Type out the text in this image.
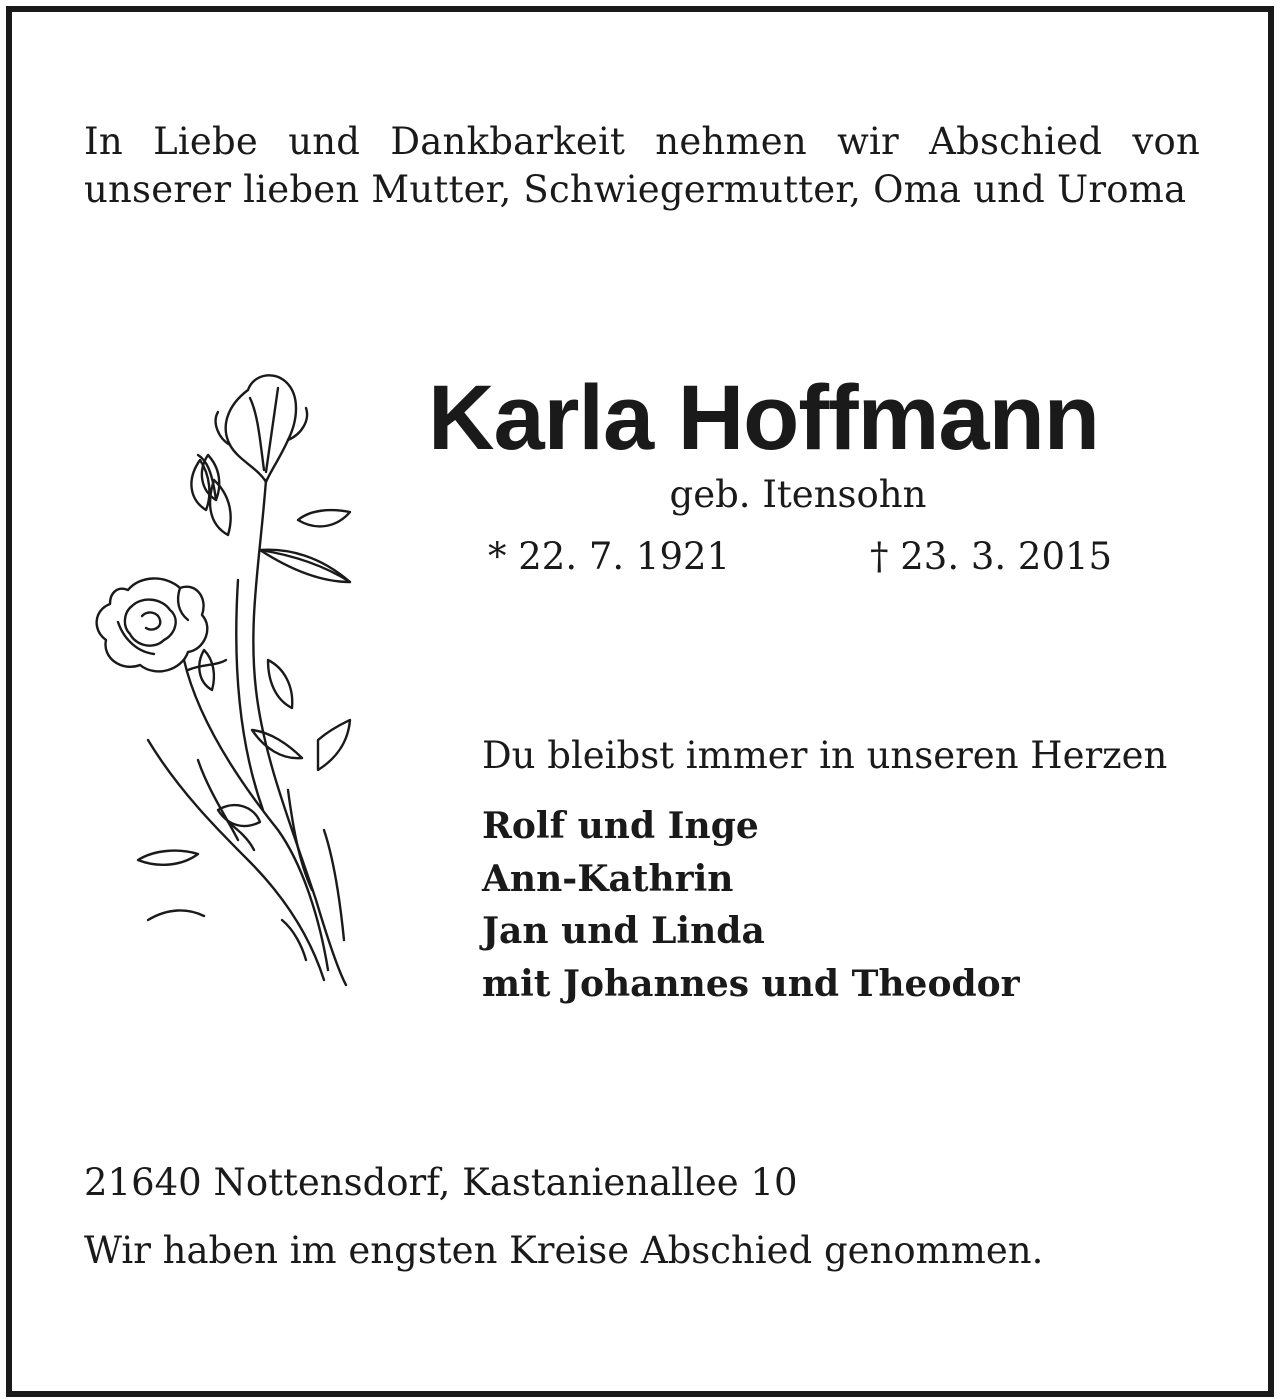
In Liebe und Dankbarkeit nehmen wir Abschied von
unserer lieben Mutter, Schwiegermutter, Oma und Uroma
Karla Hoffmann
geb. Itensohn
* 22. 7. 1921	† 23. 3. 2015
Du bleibst immer in unseren Herzen
Rolf und Inge
Ann-Kathrin
Jan und Linda
mit Johannes und Theodor
21640 Nottensdorf, Kastanienallee 10
Wir haben im engsten Kreise Abschied genommen.
